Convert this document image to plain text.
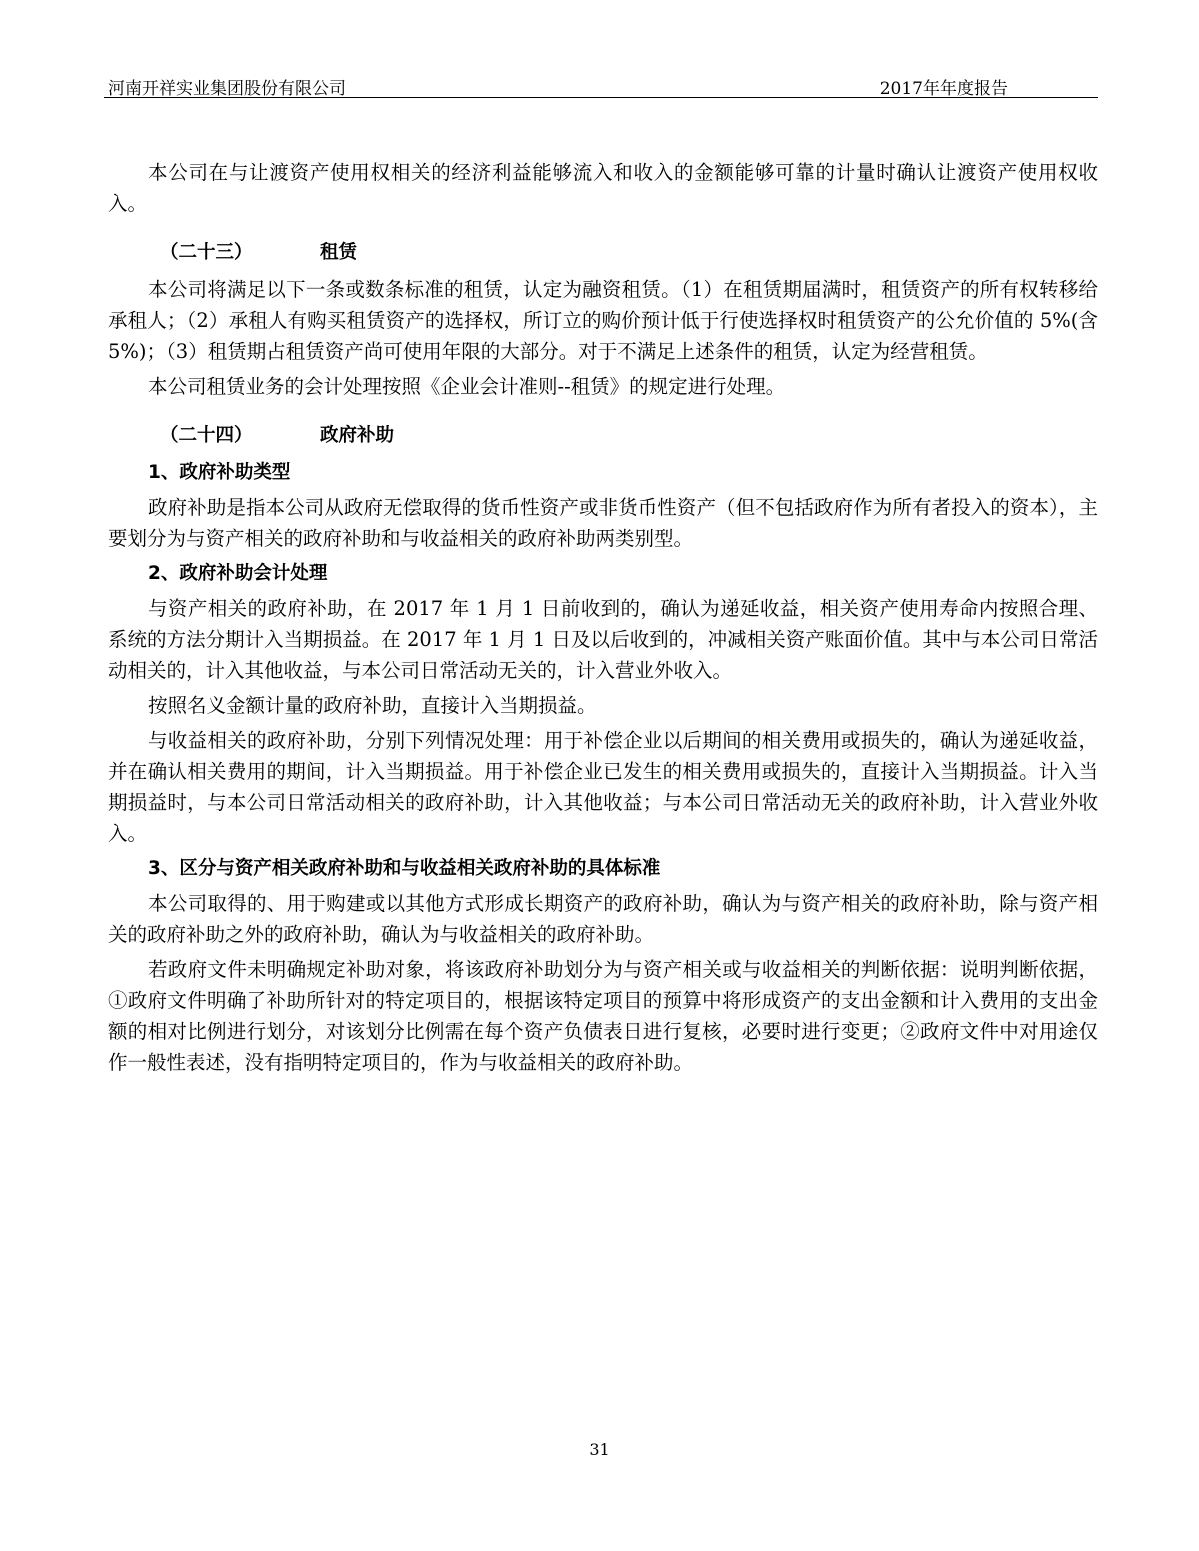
河南开祥实业集团股份有限公司	2017年年度报告

本公司在与让渡资产使用权相关的经济利益能够流入和收入的金额能够可靠的计量时确认让渡资产使用权收入。

（二十三）	租赁

本公司将满足以下一条或数条标准的租赁，认定为融资租赁。（1）在租赁期届满时，租赁资产的所有权转移给承租人；（2）承租人有购买租赁资产的选择权，所订立的购价预计低于行使选择权时租赁资产的公允价值的 5%(含 5%)；（3）租赁期占租赁资产尚可使用年限的大部分。对于不满足上述条件的租赁，认定为经营租赁。

本公司租赁业务的会计处理按照《企业会计准则--租赁》的规定进行处理。

（二十四）	政府补助
1、政府补助类型

政府补助是指本公司从政府无偿取得的货币性资产或非货币性资产（但不包括政府作为所有者投入的资本），主要划分为与资产相关的政府补助和与收益相关的政府补助两类别型。

2、政府补助会计处理

与资产相关的政府补助，在 2017 年 1 月 1 日前收到的，确认为递延收益，相关资产使用寿命内按照合理、系统的方法分期计入当期损益。在 2017 年 1 月 1 日及以后收到的，冲减相关资产账面价值。其中与本公司日常活动相关的，计入其他收益，与本公司日常活动无关的，计入营业外收入。

按照名义金额计量的政府补助，直接计入当期损益。

与收益相关的政府补助，分别下列情况处理：用于补偿企业以后期间的相关费用或损失的，确认为递延收益，并在确认相关费用的期间，计入当期损益。用于补偿企业已发生的相关费用或损失的，直接计入当期损益。计入当期损益时，与本公司日常活动相关的政府补助，计入其他收益；与本公司日常活动无关的政府补助，计入营业外收入。

3、区分与资产相关政府补助和与收益相关政府补助的具体标准

本公司取得的、用于购建或以其他方式形成长期资产的政府补助，确认为与资产相关的政府补助，除与资产相关的政府补助之外的政府补助，确认为与收益相关的政府补助。

若政府文件未明确规定补助对象，将该政府补助划分为与资产相关或与收益相关的判断依据：说明判断依据，①政府文件明确了补助所针对的特定项目的，根据该特定项目的预算中将形成资产的支出金额和计入费用的支出金额的相对比例进行划分，对该划分比例需在每个资产负债表日进行复核，必要时进行变更；②政府文件中对用途仅作一般性表述，没有指明特定项目的，作为与收益相关的政府补助。

31
